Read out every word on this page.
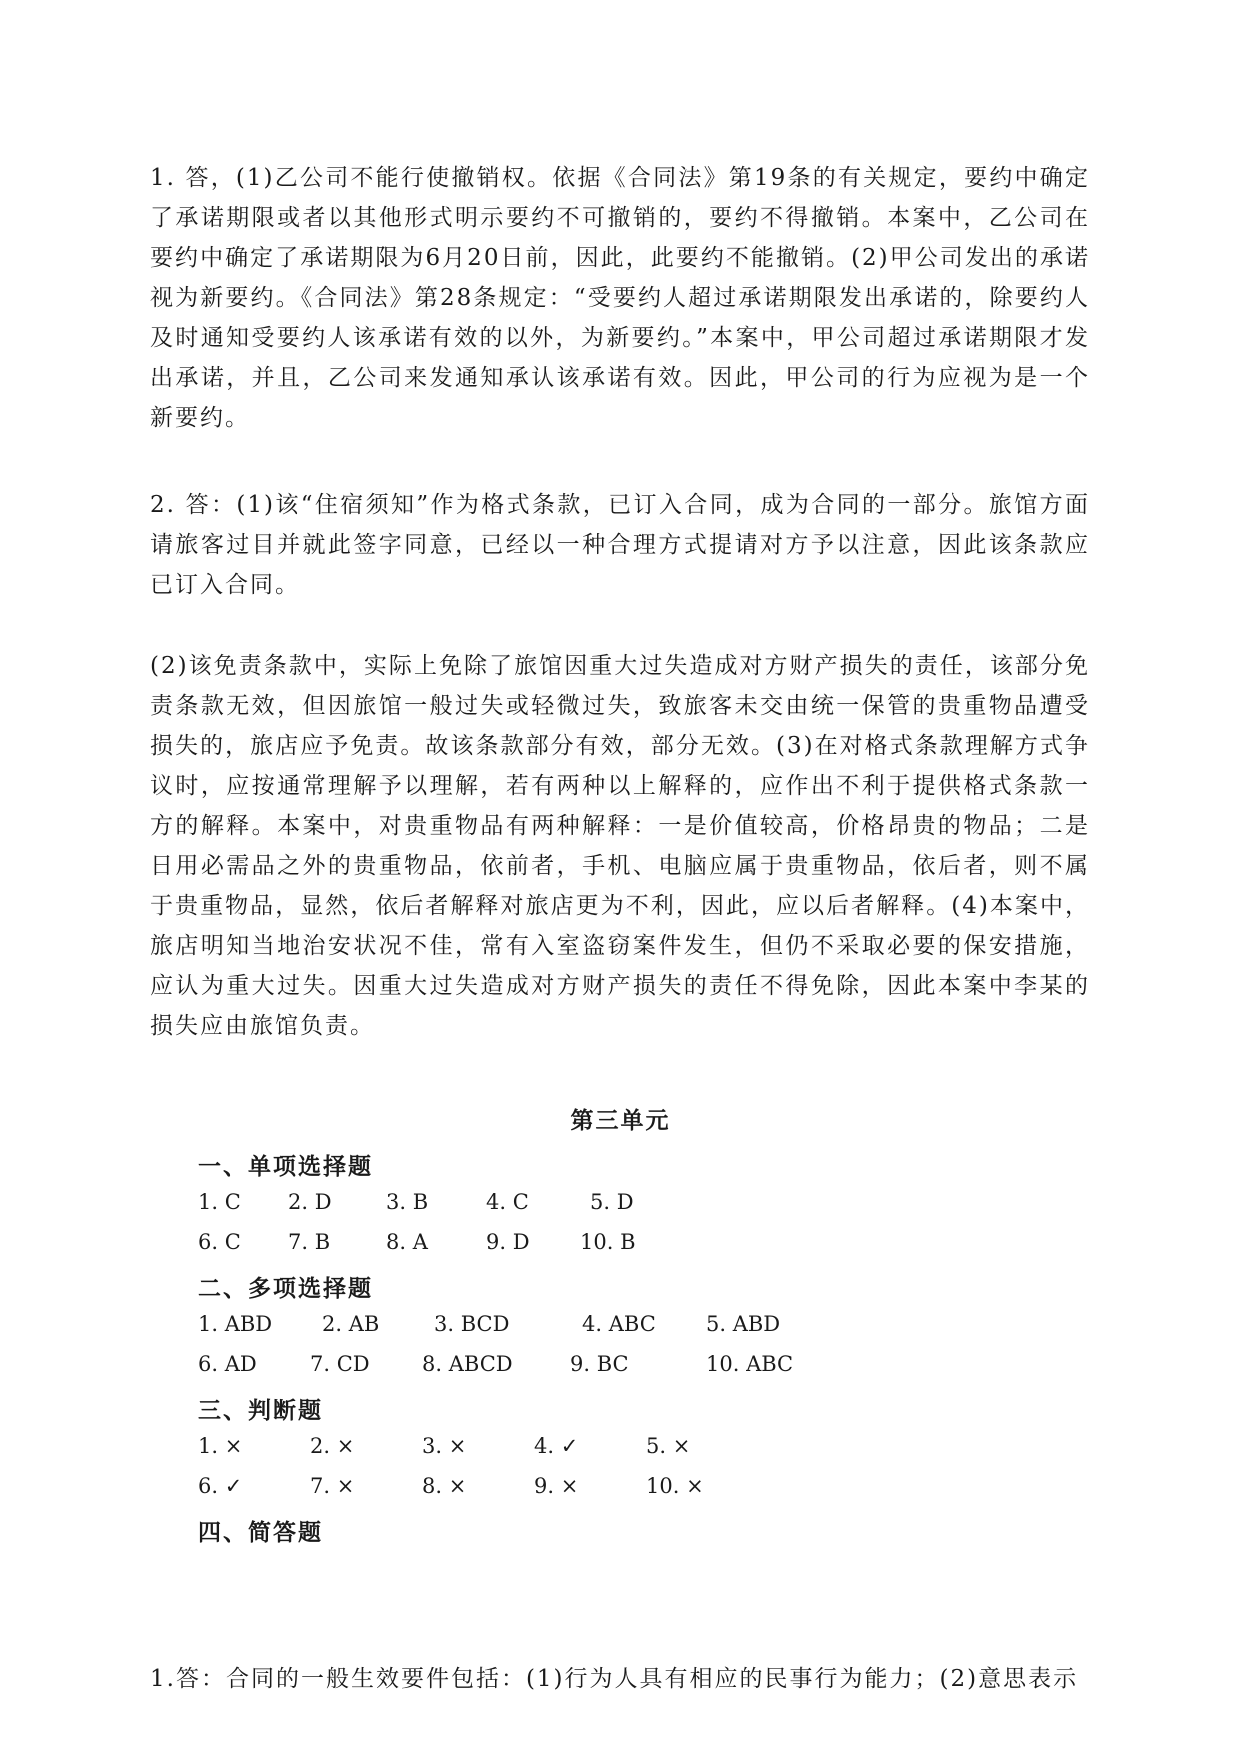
1. 答，(1)乙公司不能行使撤销权。依据《合同法》第19条的有关规定，要约中确定了承诺期限或者以其他形式明示要约不可撤销的，要约不得撤销。本案中，乙公司在要约中确定了承诺期限为6月20日前，因此，此要约不能撤销。(2)甲公司发出的承诺视为新要约。《合同法》第28条规定：“受要约人超过承诺期限发出承诺的，除要约人及时通知受要约人该承诺有效的以外，为新要约。”本案中，甲公司超过承诺期限才发出承诺，并且，乙公司来发通知承认该承诺有效。因此，甲公司的行为应视为是一个新要约。

2. 答：(1)该“住宿须知”作为格式条款，已订入合同，成为合同的一部分。旅馆方面请旅客过目并就此签字同意，已经以一种合理方式提请对方予以注意，因此该条款应已订入合同。

(2)该免责条款中，实际上免除了旅馆因重大过失造成对方财产损失的责任，该部分免责条款无效，但因旅馆一般过失或轻微过失，致旅客未交由统一保管的贵重物品遭受损失的，旅店应予免责。故该条款部分有效，部分无效。(3)在对格式条款理解方式争议时，应按通常理解予以理解，若有两种以上解释的，应作出不利于提供格式条款一方的解释。本案中，对贵重物品有两种解释：一是价值较高，价格昂贵的物品；二是日用必需品之外的贵重物品，依前者，手机、电脑应属于贵重物品，依后者，则不属于贵重物品，显然，依后者解释对旅店更为不利，因此，应以后者解释。(4)本案中，旅店明知当地治安状况不佳，常有入室盗窃案件发生，但仍不采取必要的保安措施，应认为重大过失。因重大过失造成对方财产损失的责任不得免除，因此本案中李某的损失应由旅馆负责。

第三单元
一、单项选择题
1. C 2. D	3. B	4. C	5. D
6. C 7. B	8. A	9. D 10. B
二、多项选择题
1. ABD 2. AB	3. BCD	4. ABC 5. ABD
6. AD	7. CD 8. ABCD	9. BC	10. ABC
三、判断题
1. ×	2. ×	3. ×	4. ✓	5. ×
6. ✓	7. ×	8. ×	9. ×	10. ×
四、简答题

1.答：合同的一般生效要件包括：(1)行为人具有相应的民事行为能力；(2)意思表示
